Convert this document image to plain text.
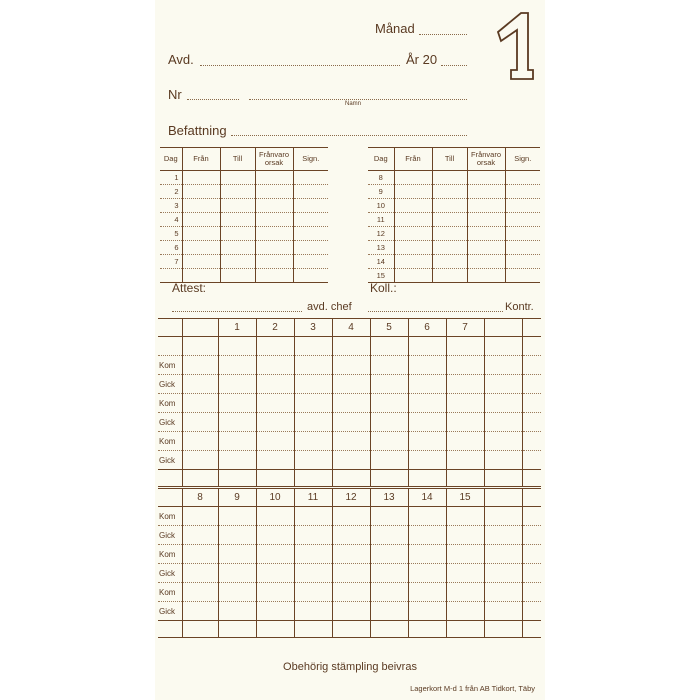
Månad
Avd.	År 20
Nr
Namn
Befattning
Dag	Från	Till	Frånvaro orsak	Sign.
1				
2				
3				
4				
5				
6				
7				

Dag	Från	Till	Frånvaro orsak	Sign.
8				
9				
10				
11				
12				
13				
14				
15				
Attest:	Koll.:
avd. chef	Kontr.
		1	2	3	4	5	6	7		

Kom										
Gick										
Kom										
Gick										
Kom										
Gick										

	8	9	10	11	12	13	14	15		
Kom										
Gick										
Kom										
Gick										
Kom										
Gick										

Obehörig stämpling beivras
Lagerkort M-d 1 från AB Tidkort, Täby
